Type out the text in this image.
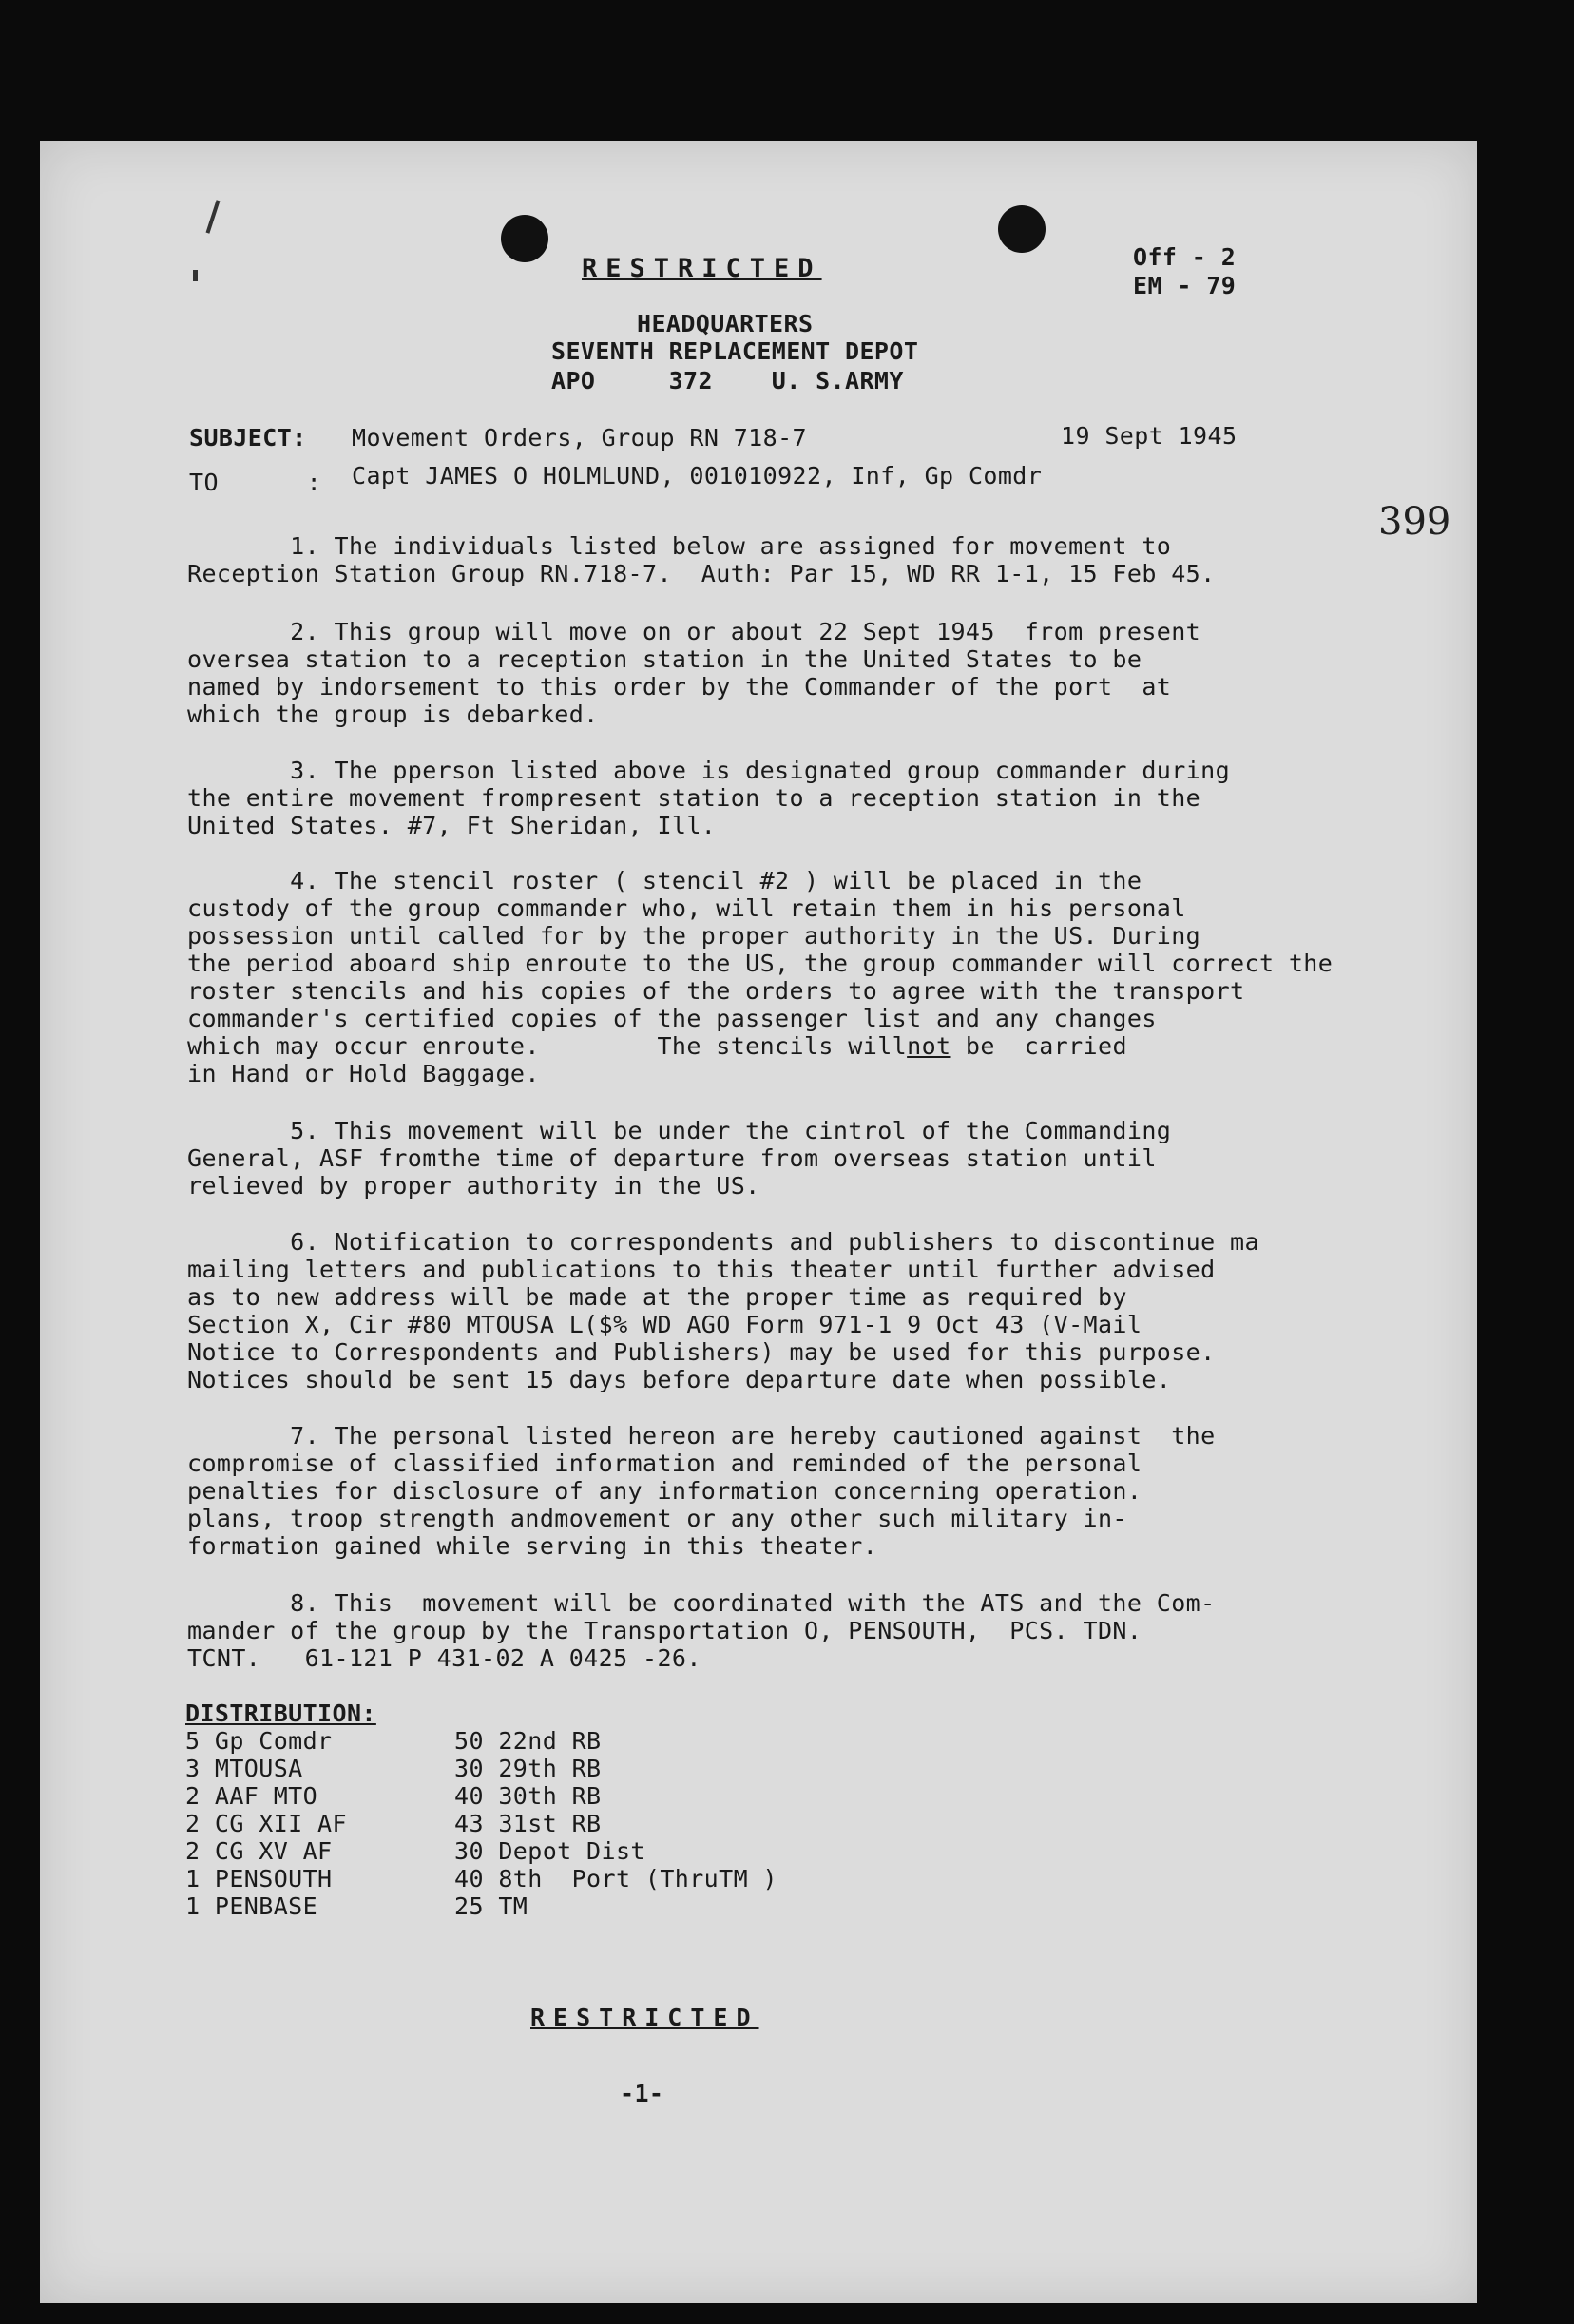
RESTRICTED	Off - 2
EM - 79
HEADQUARTERS
SEVENTH REPLACEMENT DEPOT
APO     372    U. S.ARMY
SUBJECT: Movement Orders, Group RN 718-7	19 Sept 1945
TO      : Capt JAMES O HOLMLUND, 001010922, Inf, Gp Comdr
399
1. The individuals listed below are assigned for movement to
Reception Station Group RN.718-7.  Auth: Par 15, WD RR 1-1, 15 Feb 45.
2. This group will move on or about 22 Sept 1945  from present
oversea station to a reception station in the United States to be
named by indorsement to this order by the Commander of the port  at
which the group is debarked.
3. The pperson listed above is designated group commander during
the entire movement frompresent station to a reception station in the
United States. #7, Ft Sheridan, Ill.
4. The stencil roster ( stencil #2 ) will be placed in the
custody of the group commander who, will retain them in his personal
possession until called for by the proper authority in the US. During
the period aboard ship enroute to the US, the group commander will correct the
roster stencils and his copies of the orders to agree with the transport
commander's certified copies of the passenger list and any changes
which may occur enroute.        The stencils willnot be  carried
in Hand or Hold Baggage.
5. This movement will be under the cintrol of the Commanding
General, ASF fromthe time of departure from overseas station until
relieved by proper authority in the US.
6. Notification to correspondents and publishers to discontinue ma
mailing letters and publications to this theater until further advised
as to new address will be made at the proper time as required by
Section X, Cir #80 MTOUSA L($% WD AGO Form 971-1 9 Oct 43 (V-Mail
Notice to Correspondents and Publishers) may be used for this purpose.
Notices should be sent 15 days before departure date when possible.
7. The personal listed hereon are hereby cautioned against  the
compromise of classified information and reminded of the personal
penalties for disclosure of any information concerning operation.
plans, troop strength andmovement or any other such military in-
formation gained while serving in this theater.
8. This  movement will be coordinated with the ATS and the Com-
mander of the group by the Transportation O, PENSOUTH,  PCS. TDN.
TCNT.   61-121 P 431-02 A 0425 -26.
DISTRIBUTION:
5 Gp Comdr
3 MTOUSA
2 AAF MTO
2 CG XII AF
2 CG XV AF
1 PENSOUTH
1 PENBASE
50 22nd RB
30 29th RB
40 30th RB
43 31st RB
30 Depot Dist
40 8th  Port (ThruTM )
25 TM
RESTRICTED
-1-
